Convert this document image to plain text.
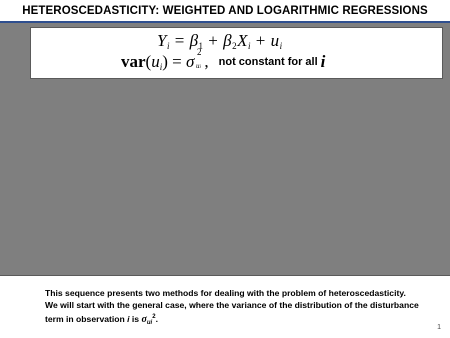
HETEROSCEDASTICITY: WEIGHTED AND LOGARITHMIC REGRESSIONS
$Y_i = \beta_1 + \beta_2X_i + u_i$
$var(u_i) = \sigma$ 2
ui , not constant for all i

This sequence presents two methods for dealing with the problem of heteroscedasticity.

We will start with the general case, where the variance of the distribution of the disturbance

term in observation i is $\sigma_{ui}^2$.

1
